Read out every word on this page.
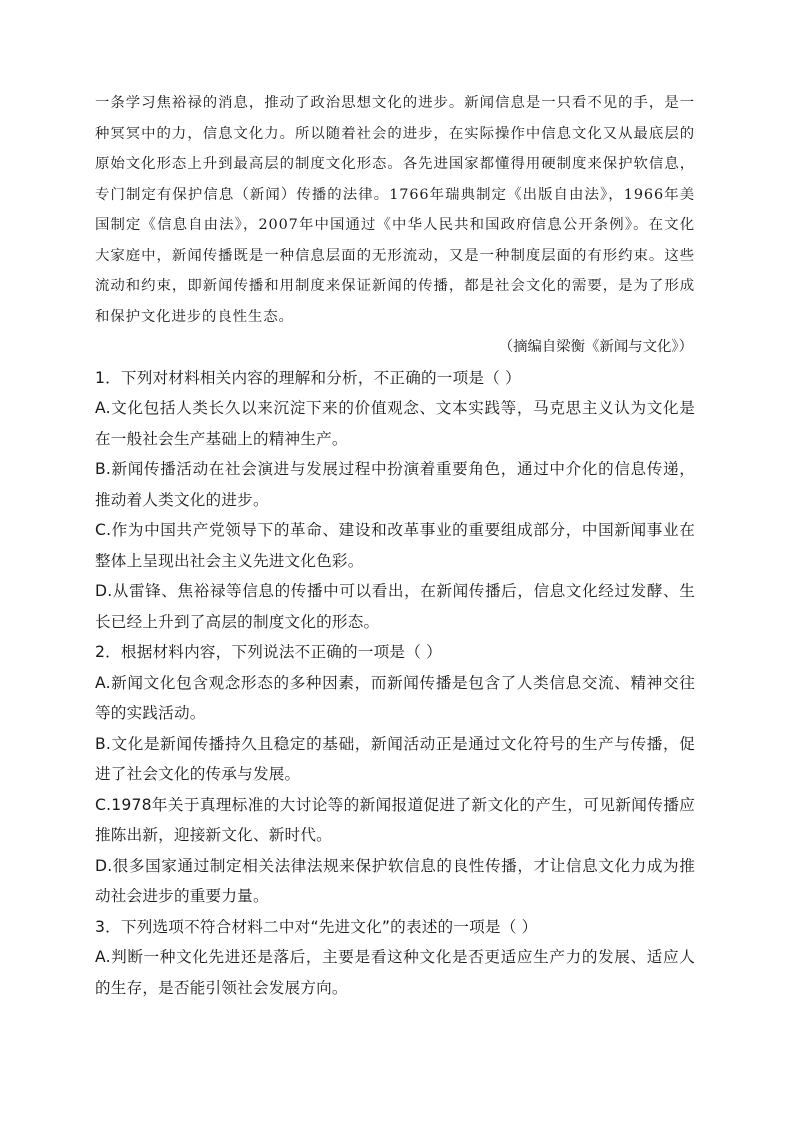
一条学习焦裕禄的消息，推动了政治思想文化的进步。新闻信息是一只看不见的手，是一种冥冥中的力，信息文化力。所以随着社会的进步，在实际操作中信息文化又从最底层的原始文化形态上升到最高层的制度文化形态。各先进国家都懂得用硬制度来保护软信息，专门制定有保护信息（新闻）传播的法律。1766年瑞典制定《出版自由法》，1966年美国制定《信息自由法》，2007年中国通过《中华人民共和国政府信息公开条例》。在文化大家庭中，新闻传播既是一种信息层面的无形流动，又是一种制度层面的有形约束。这些流动和约束，即新闻传播和用制度来保证新闻的传播，都是社会文化的需要，是为了形成和保护文化进步的良性生态。

（摘编自梁衡《新闻与文化》）

1．下列对材料相关内容的理解和分析，不正确的一项是（ ）

A.文化包括人类长久以来沉淀下来的价值观念、文本实践等，马克思主义认为文化是在一般社会生产基础上的精神生产。

B.新闻传播活动在社会演进与发展过程中扮演着重要角色，通过中介化的信息传递，推动着人类文化的进步。

C.作为中国共产党领导下的革命、建设和改革事业的重要组成部分，中国新闻事业在整体上呈现出社会主义先进文化色彩。

D.从雷锋、焦裕禄等信息的传播中可以看出，在新闻传播后，信息文化经过发酵、生长已经上升到了高层的制度文化的形态。

2．根据材料内容，下列说法不正确的一项是（ ）

A.新闻文化包含观念形态的多种因素，而新闻传播是包含了人类信息交流、精神交往等的实践活动。

B.文化是新闻传播持久且稳定的基础，新闻活动正是通过文化符号的生产与传播，促进了社会文化的传承与发展。

C.1978年关于真理标准的大讨论等的新闻报道促进了新文化的产生，可见新闻传播应推陈出新，迎接新文化、新时代。

D.很多国家通过制定相关法律法规来保护软信息的良性传播，才让信息文化力成为推动社会进步的重要力量。

3．下列选项不符合材料二中对“先进文化”的表述的一项是（ ）

A.判断一种文化先进还是落后，主要是看这种文化是否更适应生产力的发展、适应人的生存，是否能引领社会发展方向。
